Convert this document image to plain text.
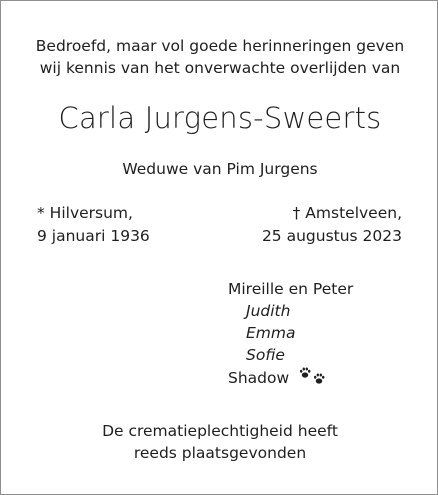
Bedroefd, maar vol goede herinneringen geven
wij kennis van het onverwachte overlijden van
Carla Jurgens-Sweerts
Weduwe van Pim Jurgens
* Hilversum,
9 januari 1936
† Amstelveen,
25 augustus 2023
Mireille en Peter
Judith
Emma
Sofie
Shadow
De crematieplechtigheid heeft
reeds plaatsgevonden
